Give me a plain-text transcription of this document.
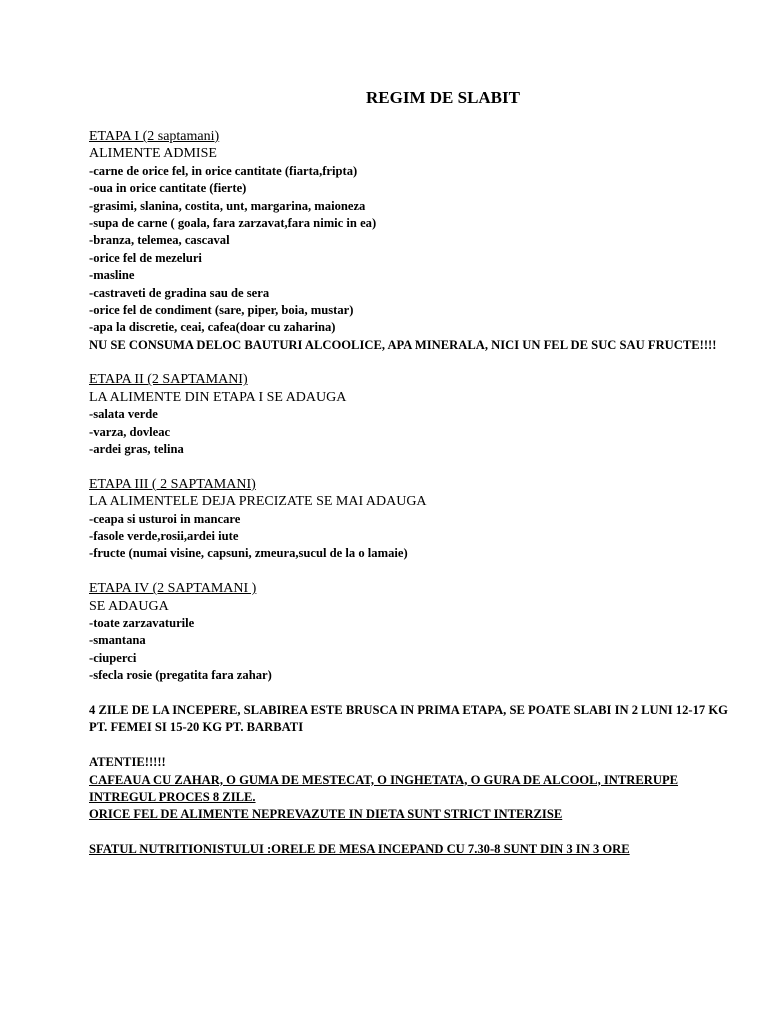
REGIM DE SLABIT
ETAPA I (2 saptamani)
ALIMENTE ADMISE
-carne de orice fel, in orice cantitate (fiarta,fripta)
-oua in orice cantitate (fierte)
-grasimi, slanina, costita, unt, margarina, maioneza
-supa de carne ( goala, fara zarzavat,fara nimic in ea)
-branza, telemea, cascaval
-orice fel de mezeluri
-masline
-castraveti de gradina sau de sera
-orice fel de condiment (sare, piper, boia, mustar)
-apa la discretie, ceai, cafea(doar cu zaharina)
NU SE CONSUMA DELOC BAUTURI ALCOOLICE, APA MINERALA, NICI UN FEL DE SUC SAU FRUCTE!!!!
ETAPA II (2 SAPTAMANI)
LA ALIMENTE DIN ETAPA I SE ADAUGA
-salata verde
-varza, dovleac
-ardei gras, telina
ETAPA III ( 2 SAPTAMANI)
LA ALIMENTELE DEJA PRECIZATE SE MAI ADAUGA
-ceapa si usturoi in mancare
-fasole verde,rosii,ardei iute
-fructe (numai visine, capsuni, zmeura,sucul de la o lamaie)
ETAPA IV (2 SAPTAMANI )
SE ADAUGA
-toate zarzavaturile
-smantana
-ciuperci
-sfecla rosie (pregatita fara zahar)
4 ZILE DE LA INCEPERE, SLABIREA ESTE BRUSCA IN PRIMA ETAPA, SE POATE SLABI IN 2 LUNI 12-17 KG PT. FEMEI SI 15-20 KG PT. BARBATI
ATENTIE!!!!!
CAFEAUA CU ZAHAR, O GUMA DE MESTECAT, O INGHETATA, O GURA DE ALCOOL, INTRERUPE INTREGUL PROCES 8 ZILE.
ORICE FEL DE ALIMENTE NEPREVAZUTE IN DIETA SUNT STRICT INTERZISE
SFATUL NUTRITIONISTULUI :ORELE DE MESA INCEPAND CU 7.30-8 SUNT DIN 3 IN 3 ORE
